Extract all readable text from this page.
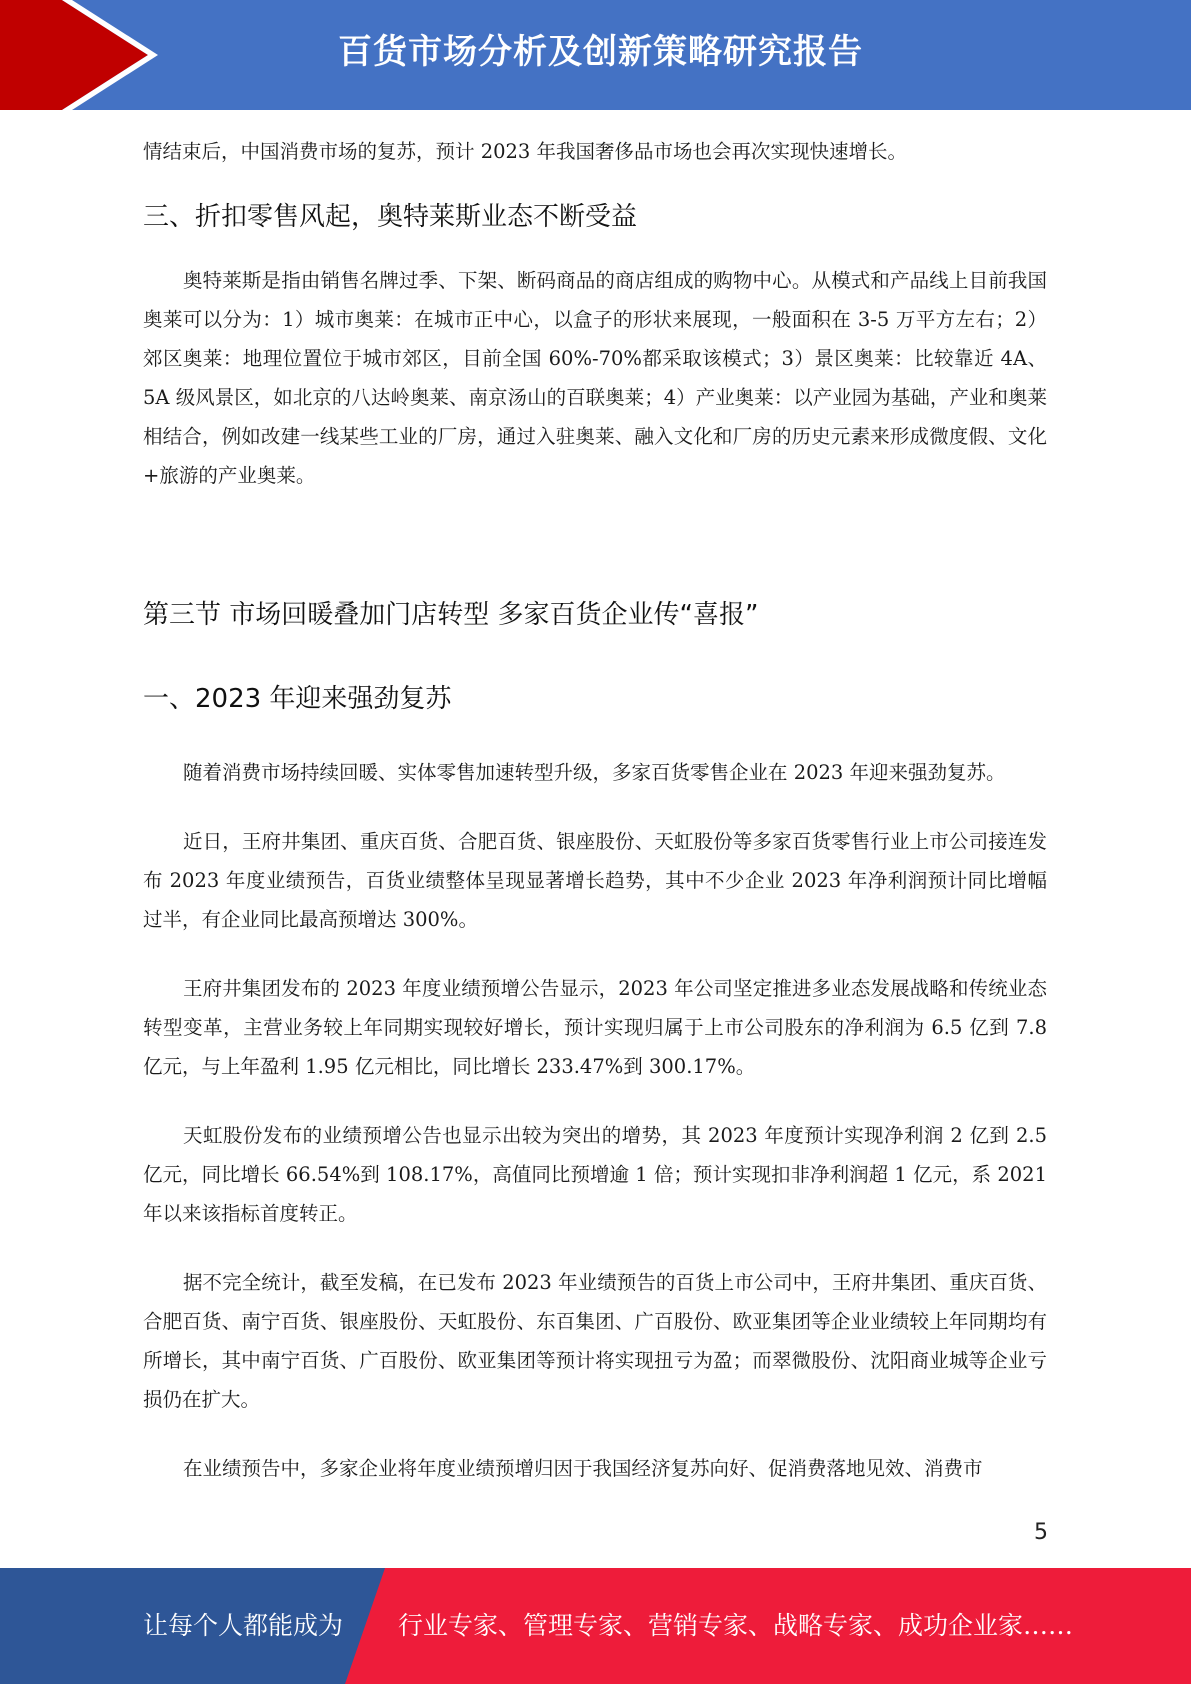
百货市场分析及创新策略研究报告

情结束后，中国消费市场的复苏，预计 2023 年我国奢侈品市场也会再次实现快速增长。

三、折扣零售风起，奥特莱斯业态不断受益

奥特莱斯是指由销售名牌过季、下架、断码商品的商店组成的购物中心。从模式和产品线上目前我国奥莱可以分为：1）城市奥莱：在城市正中心，以盒子的形状来展现，一般面积在 3-5 万平方左右；2）郊区奥莱：地理位置位于城市郊区，目前全国 60%-70%都采取该模式；3）景区奥莱：比较靠近 4A、5A 级风景区，如北京的八达岭奥莱、南京汤山的百联奥莱；4）产业奥莱：以产业园为基础，产业和奥莱相结合，例如改建一线某些工业的厂房，通过入驻奥莱、融入文化和厂房的历史元素来形成微度假、文化+旅游的产业奥莱。

第三节 市场回暖叠加门店转型 多家百货企业传“喜报”
一、2023 年迎来强劲复苏

随着消费市场持续回暖、实体零售加速转型升级，多家百货零售企业在 2023 年迎来强劲复苏。

近日，王府井集团、重庆百货、合肥百货、银座股份、天虹股份等多家百货零售行业上市公司接连发布 2023 年度业绩预告，百货业绩整体呈现显著增长趋势，其中不少企业 2023 年净利润预计同比增幅过半，有企业同比最高预增达 300%。

王府井集团发布的 2023 年度业绩预增公告显示，2023 年公司坚定推进多业态发展战略和传统业态转型变革，主营业务较上年同期实现较好增长，预计实现归属于上市公司股东的净利润为 6.5 亿到 7.8 亿元，与上年盈利 1.95 亿元相比，同比增长 233.47%到 300.17%。

天虹股份发布的业绩预增公告也显示出较为突出的增势，其 2023 年度预计实现净利润 2 亿到 2.5 亿元，同比增长 66.54%到 108.17%，高值同比预增逾 1 倍；预计实现扣非净利润超 1 亿元，系 2021 年以来该指标首度转正。

据不完全统计，截至发稿，在已发布 2023 年业绩预告的百货上市公司中，王府井集团、重庆百货、合肥百货、南宁百货、银座股份、天虹股份、东百集团、广百股份、欧亚集团等企业业绩较上年同期均有所增长，其中南宁百货、广百股份、欧亚集团等预计将实现扭亏为盈；而翠微股份、沈阳商业城等企业亏损仍在扩大。

在业绩预告中，多家企业将年度业绩预增归因于我国经济复苏向好、促消费落地见效、消费市

5
让每个人都能成为 行业专家、管理专家、营销专家、战略专家、成功企业家……
